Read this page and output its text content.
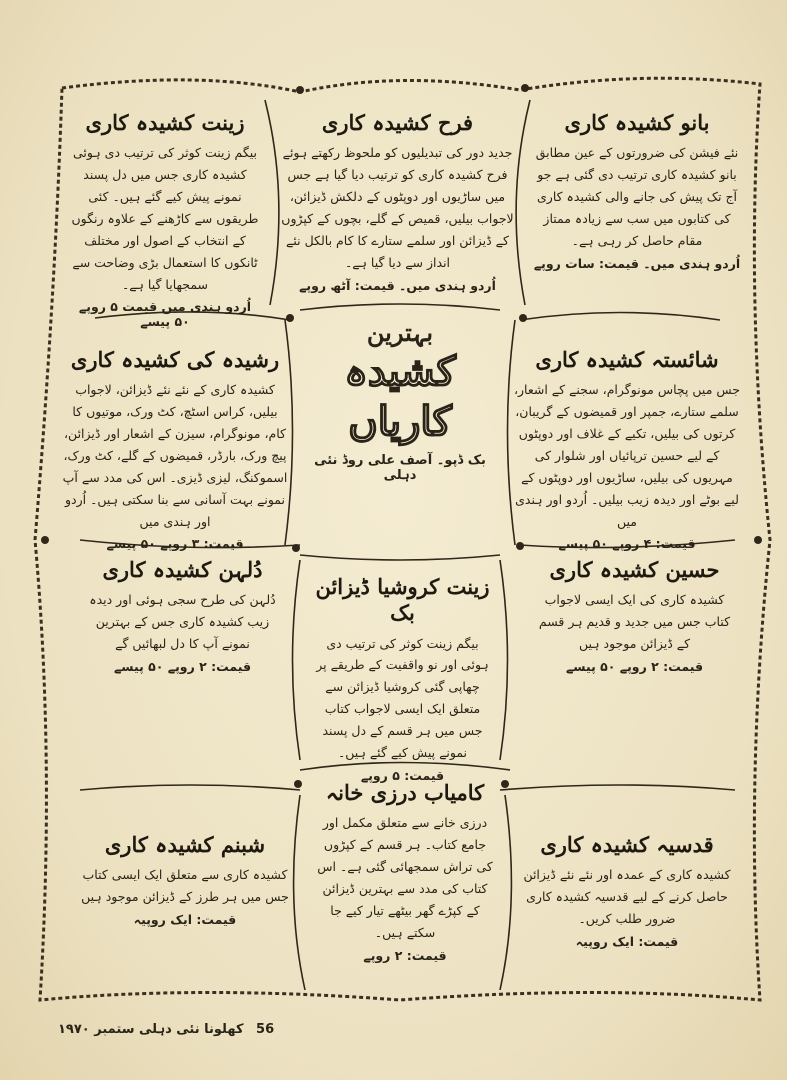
بانو کشیدہ کاری
نئے فیشن کی ضرورتوں کے عین مطابق بانو کشیدہ کاری ترتیب دی گئی ہے جو آج تک پیش کی جانے والی کشیدہ کاری کی کتابوں میں سب سے زیادہ ممتاز مقام حاصل کر رہی ہے۔
اُردو ہندی میں۔ قیمت: سات روپے
فرح کشیدہ کاری
جدید دور کی تبدیلیوں کو ملحوظ رکھتے ہوئے فرح کشیدہ کاری کو ترتیب دیا گیا ہے جس میں ساڑیوں اور دوپٹوں کے دلکش ڈیزائن، لاجواب بیلیں، قمیص کے گلے، بچوں کے کپڑوں کے ڈیزائن اور سلمے ستارے کا کام بالکل نئے انداز سے دیا گیا ہے۔
اُردو ہندی میں۔ قیمت: آٹھ روپے
زینت کشیدہ کاری
بیگم زینت کوثر کی ترتیب دی ہوئی کشیدہ کاری جس میں دل پسند نمونے پیش کیے گئے ہیں۔ کئی طریقوں سے کاڑھنے کے علاوہ رنگوں کے انتخاب کے اصول اور مختلف ٹانکوں کا استعمال بڑی وضاحت سے سمجھایا گیا ہے۔
اُردو ہندی میں قیمت ۵ روپے ۵۰ پیسے
شائستہ کشیدہ کاری
جس میں پچاس مونوگرام، سجنے کے اشعار، سلمے ستارے، جمپر اور قمیضوں کے گریبان، کرتوں کی بیلیں، تکیے کے غلاف اور دوپٹوں کے لیے حسین ترپائیاں اور شلوار کی مہریوں کی بیلیں، ساڑیوں اور دوپٹوں کے لیے بوٹے اور دیدہ زیب بیلیں۔ اُردو اور ہندی میں
قیمت: ۴ روپے ۵۰ پیسے
بہترین
کشیدہ کاریاں
بک ڈپو۔ آصف علی روڈ نئی دہلی
رشیدہ کی کشیدہ کاری
کشیدہ کاری کے نئے نئے ڈیزائن، لاجواب بیلیں، کراس اسٹچ، کٹ ورک، موتیوں کا کام، مونوگرام، سیزن کے اشعار اور ڈیزائن، پیچ ورک، بارڈر، قمیضوں کے گلے، کٹ ورک، اسموکنگ، لیزی ڈیزی۔ اس کی مدد سے آپ نمونے بہت آسانی سے بنا سکتی ہیں۔ اُردو اور ہندی میں
قیمت: ۳ روپے ۵۰ پیسے
دُلہن کشیدہ کاری
دُلہن کی طرح سجی ہوئی اور دیدہ زیب کشیدہ کاری جس کے بہترین نمونے آپ کا دل لبھائیں گے
قیمت: ۲ روپے ۵۰ پیسے
زینت کروشیا ڈیزائن بک
بیگم زینت کوثر کی ترتیب دی ہوئی اور نو واقفیت کے طریقے پر چھاپی گئی کروشیا ڈیزائن سے متعلق ایک ایسی لاجواب کتاب جس میں ہر قسم کے دل پسند نمونے پیش کیے گئے ہیں۔
قیمت: ۵ روپے
حسین کشیدہ کاری
کشیدہ کاری کی ایک ایسی لاجواب کتاب جس میں جدید و قدیم ہر قسم کے ڈیزائن موجود ہیں
قیمت: ۲ روپے ۵۰ پیسے
کامیاب درزی خانہ
درزی خانے سے متعلق مکمل اور جامع کتاب۔ ہر قسم کے کپڑوں کی تراش سمجھائی گئی ہے۔ اس کتاب کی مدد سے بہترین ڈیزائن کے کپڑے گھر بیٹھے تیار کیے جا سکتے ہیں۔
قیمت: ۲ روپے
شبنم کشیدہ کاری
کشیدہ کاری سے متعلق ایک ایسی کتاب جس میں ہر طرز کے ڈیزائن موجود ہیں
قیمت: ایک روپیہ
قدسیہ کشیدہ کاری
کشیدہ کاری کے عمدہ اور نئے نئے ڈیزائن حاصل کرنے کے لیے قدسیہ کشیدہ کاری ضرور طلب کریں۔
قیمت: ایک روپیہ
56 کھلونا نئی دہلی ستمبر ۱۹۷۰
